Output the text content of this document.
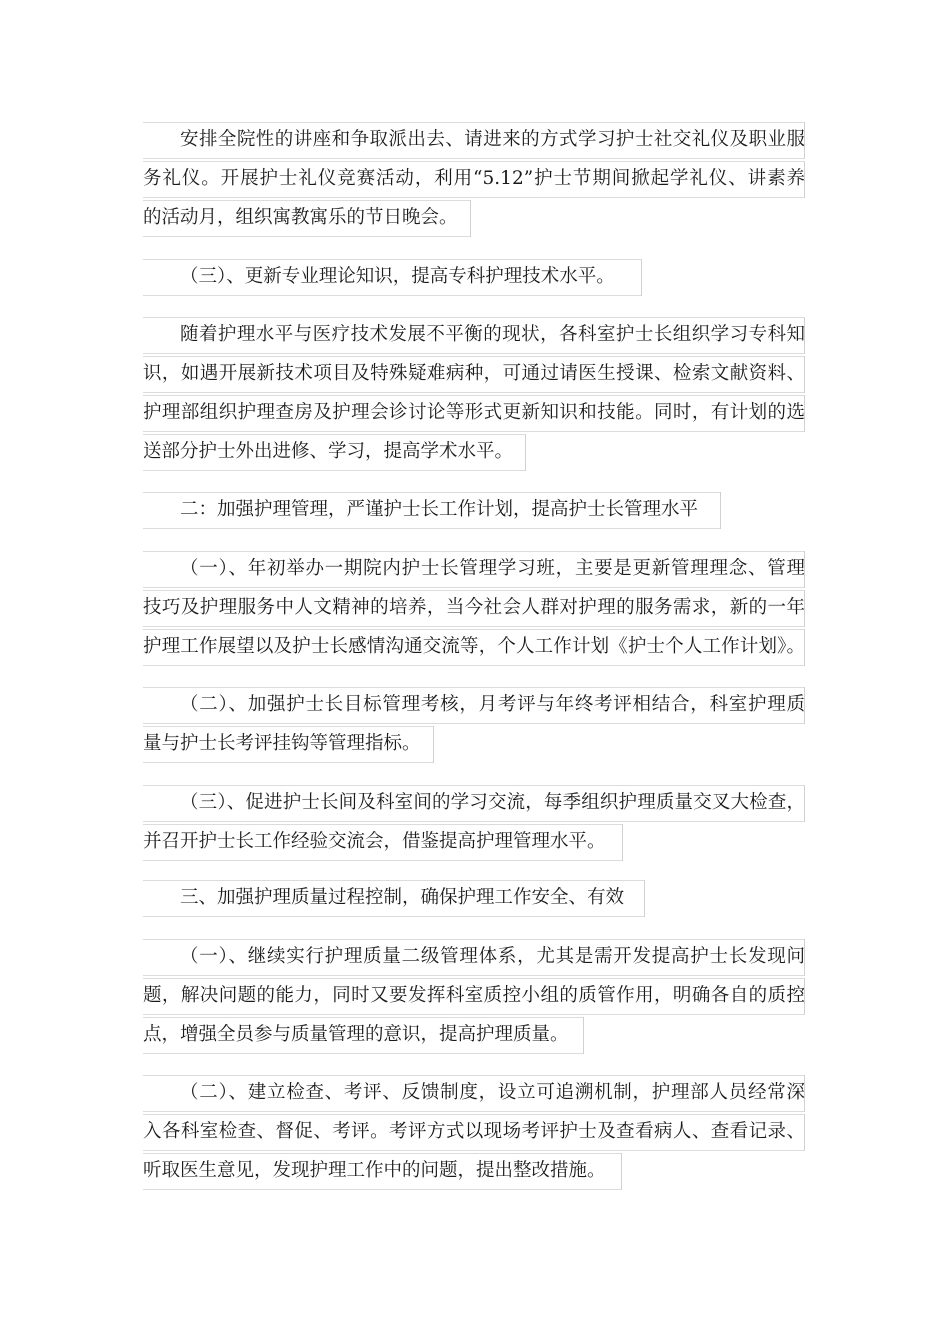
安排全院性的讲座和争取派出去、请进来的方式学习护士社交礼仪及职业服
务礼仪。开展护士礼仪竞赛活动，利用“5.12”护士节期间掀起学礼仪、讲素养
的活动月，组织寓教寓乐的节日晚会。
（三）、更新专业理论知识，提高专科护理技术水平。
随着护理水平与医疗技术发展不平衡的现状，各科室护士长组织学习专科知
识，如遇开展新技术项目及特殊疑难病种，可通过请医生授课、检索文献资料、
护理部组织护理查房及护理会诊讨论等形式更新知识和技能。同时，有计划的选
送部分护士外出进修、学习，提高学术水平。
二：加强护理管理，严谨护士长工作计划，提高护士长管理水平
（一）、年初举办一期院内护士长管理学习班，主要是更新管理理念、管理
技巧及护理服务中人文精神的培养，当今社会人群对护理的服务需求，新的一年
护理工作展望以及护士长感情沟通交流等，个人工作计划《护士个人工作计划》。
（二）、加强护士长目标管理考核，月考评与年终考评相结合，科室护理质
量与护士长考评挂钩等管理指标。
（三）、促进护士长间及科室间的学习交流，每季组织护理质量交叉大检查，
并召开护士长工作经验交流会，借鉴提高护理管理水平。
三、加强护理质量过程控制，确保护理工作安全、有效
（一）、继续实行护理质量二级管理体系，尤其是需开发提高护士长发现问
题，解决问题的能力，同时又要发挥科室质控小组的质管作用，明确各自的质控
点，增强全员参与质量管理的意识，提高护理质量。
（二）、建立检查、考评、反馈制度，设立可追溯机制，护理部人员经常深
入各科室检查、督促、考评。考评方式以现场考评护士及查看病人、查看记录、
听取医生意见，发现护理工作中的问题，提出整改措施。
